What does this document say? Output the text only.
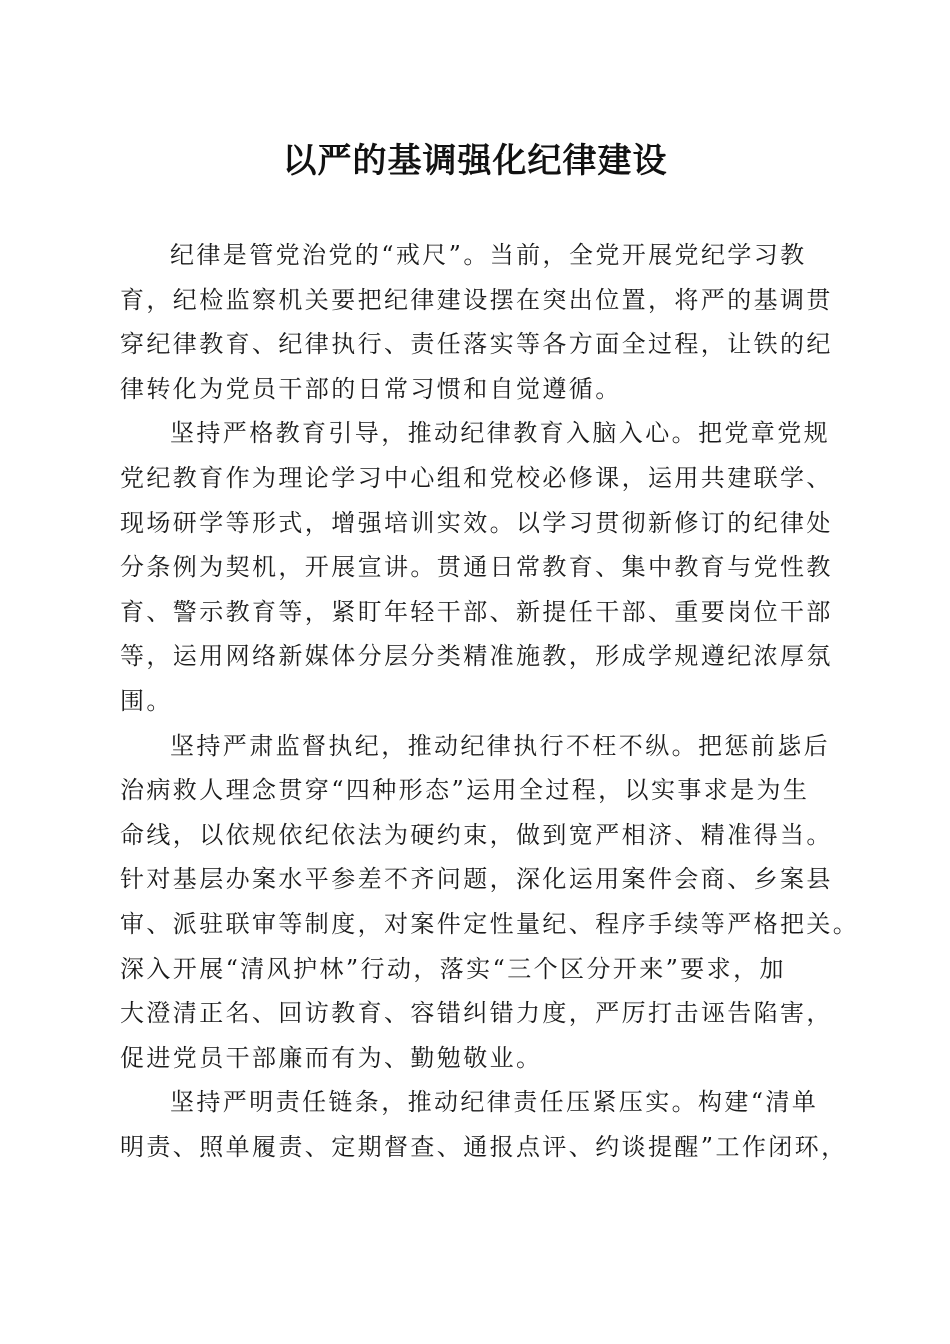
以严的基调强化纪律建设
纪律是管党治党的“戒尺”。当前，全党开展党纪学习教
育，纪检监察机关要把纪律建设摆在突出位置，将严的基调贯
穿纪律教育、纪律执行、责任落实等各方面全过程，让铁的纪
律转化为党员干部的日常习惯和自觉遵循。
坚持严格教育引导，推动纪律教育入脑入心。把党章党规
党纪教育作为理论学习中心组和党校必修课，运用共建联学、
现场研学等形式，增强培训实效。以学习贯彻新修订的纪律处
分条例为契机，开展宣讲。贯通日常教育、集中教育与党性教
育、警示教育等，紧盯年轻干部、新提任干部、重要岗位干部
等，运用网络新媒体分层分类精准施教，形成学规遵纪浓厚氛
围。
坚持严肃监督执纪，推动纪律执行不枉不纵。把惩前毖后
治病救人理念贯穿“四种形态”运用全过程，以实事求是为生
命线，以依规依纪依法为硬约束，做到宽严相济、精准得当。
针对基层办案水平参差不齐问题，深化运用案件会商、乡案县
审、派驻联审等制度，对案件定性量纪、程序手续等严格把关。
深入开展“清风护林”行动，落实“三个区分开来”要求，加
大澄清正名、回访教育、容错纠错力度，严厉打击诬告陷害，
促进党员干部廉而有为、勤勉敬业。
坚持严明责任链条，推动纪律责任压紧压实。构建“清单
明责、照单履责、定期督查、通报点评、约谈提醒”工作闭环，
